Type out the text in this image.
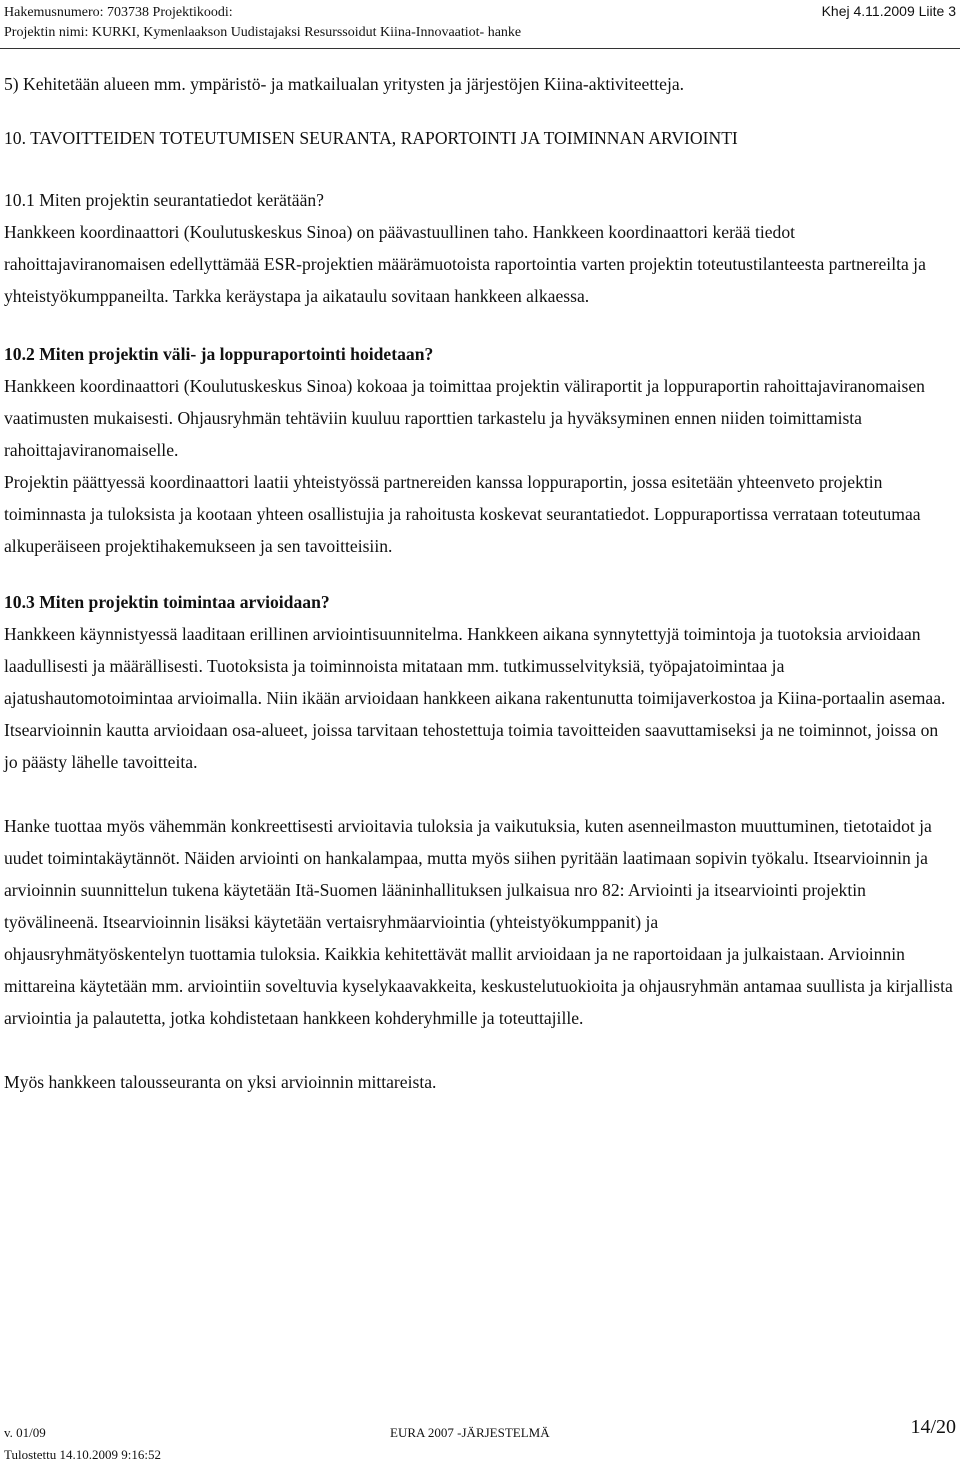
Hakemusnumero: 703738 Projektikoodi:
Projektin nimi: KURKI, Kymenlaakson Uudistajaksi Resurssoidut Kiina-Innovaatiot- hanke
Khej 4.11.2009 Liite 3

5) Kehitetään alueen mm. ympäristö- ja matkailualan yritysten ja järjestöjen Kiina-aktiviteetteja.

10. TAVOITTEIDEN TOTEUTUMISEN SEURANTA, RAPORTOINTI JA TOIMINNAN ARVIOINTI

10.1 Miten projektin seurantatiedot kerätään?

Hankkeen koordinaattori (Koulutuskeskus Sinoa) on päävastuullinen taho. Hankkeen koordinaattori kerää tiedot rahoittajaviranomaisen edellyttämää ESR-projektien määrämuotoista raportointia varten projektin toteutustilanteesta partnereilta ja yhteistyökumppaneilta. Tarkka keräystapa ja aikataulu sovitaan hankkeen alkaessa.

10.2 Miten projektin väli- ja loppuraportointi hoidetaan?

Hankkeen koordinaattori (Koulutuskeskus Sinoa) kokoaa ja toimittaa projektin väliraportit ja loppuraportin rahoittajaviranomaisen vaatimusten mukaisesti. Ohjausryhmän tehtäviin kuuluu raporttien tarkastelu ja hyväksyminen ennen niiden toimittamista rahoittajaviranomaiselle.

Projektin päättyessä koordinaattori laatii yhteistyössä partnereiden kanssa loppuraportin, jossa esitetään yhteenveto projektin toiminnasta ja tuloksista ja kootaan yhteen osallistujia ja rahoitusta koskevat seurantatiedot. Loppuraportissa verrataan toteutumaa alkuperäiseen projektihakemukseen ja sen tavoitteisiin.

10.3 Miten projektin toimintaa arvioidaan?

Hankkeen käynnistyessä laaditaan erillinen arviointisuunnitelma. Hankkeen aikana synnytettyjä toimintoja ja tuotoksia arvioidaan laadullisesti ja määrällisesti. Tuotoksista ja toiminnoista mitataan mm. tutkimusselvityksiä, työpajatoimintaa ja ajatushautomotoimintaa arvioimalla. Niin ikään arvioidaan hankkeen aikana rakentunutta toimijaverkostoa ja Kiina-portaalin asemaa. Itsearvioinnin kautta arvioidaan osa-alueet, joissa tarvitaan tehostettuja toimia tavoitteiden saavuttamiseksi ja ne toiminnot, joissa on jo päästy lähelle tavoitteita.

Hanke tuottaa myös vähemmän konkreettisesti arvioitavia tuloksia ja vaikutuksia, kuten asenneilmaston muuttuminen, tietotaidot ja uudet toimintakäytännöt. Näiden arviointi on hankalampaa, mutta myös siihen pyritään laatimaan sopivin työkalu. Itsearvioinnin ja arvioinnin suunnittelun tukena käytetään Itä-Suomen lääninhallituksen julkaisua nro 82: Arviointi ja itsearviointi projektin työvälineenä. Itsearvioinnin lisäksi käytetään vertaisryhmäarviointia (yhteistyökumppanit) ja

ohjausryhmätyöskentelyn tuottamia tuloksia. Kaikkia kehitettävät mallit arvioidaan ja ne raportoidaan ja julkaistaan. Arvioinnin mittareina käytetään mm. arviointiin soveltuvia kyselykaavakkeita, keskustelutuokioita ja ohjausryhmän antamaa suullista ja kirjallista arviointia ja palautetta, jotka kohdistetaan hankkeen kohderyhmille ja toteuttajille.

Myös hankkeen talousseuranta on yksi arvioinnin mittareista.

v. 01/09	EURA 2007 -JÄRJESTELMÄ	14/20
Tulostettu 14.10.2009 9:16:52
